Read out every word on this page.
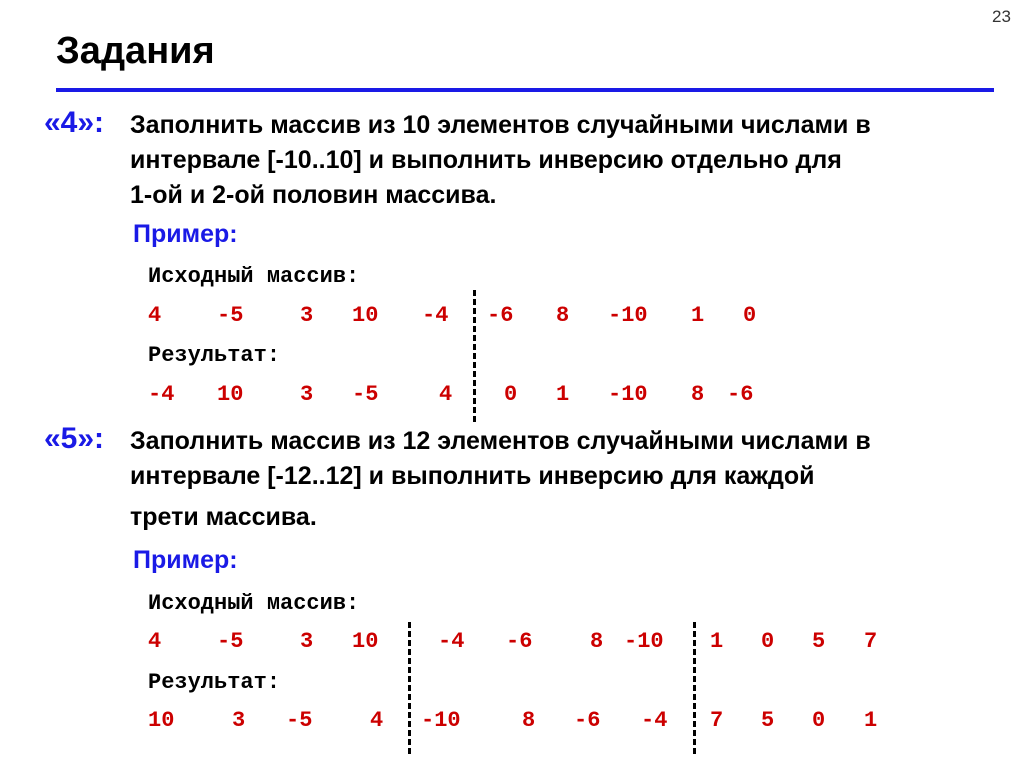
23
Задания
«4»: Заполнить массив из 10 элементов случайными числами в
интервале [-10..10] и выполнить инверсию отдельно для
1-ой и 2-ой половин массива.
Пример:
Исходный массив:
Результат:
4	-5	3 10 -4 -6 8 -10 1 0
-4 10	3 -5	4 0 1 -10 8 -6
«5»: Заполнить массив из 12 элементов случайными числами в
интервале [-12..12] и выполнить инверсию для каждой
трети массива.
Пример:
Исходный массив:
Результат:
4	-5	3 10	-4 -6	8 -10 1 0 5 7
10	3 -5	4 -10	8 -6 -4 7 5 0 1
